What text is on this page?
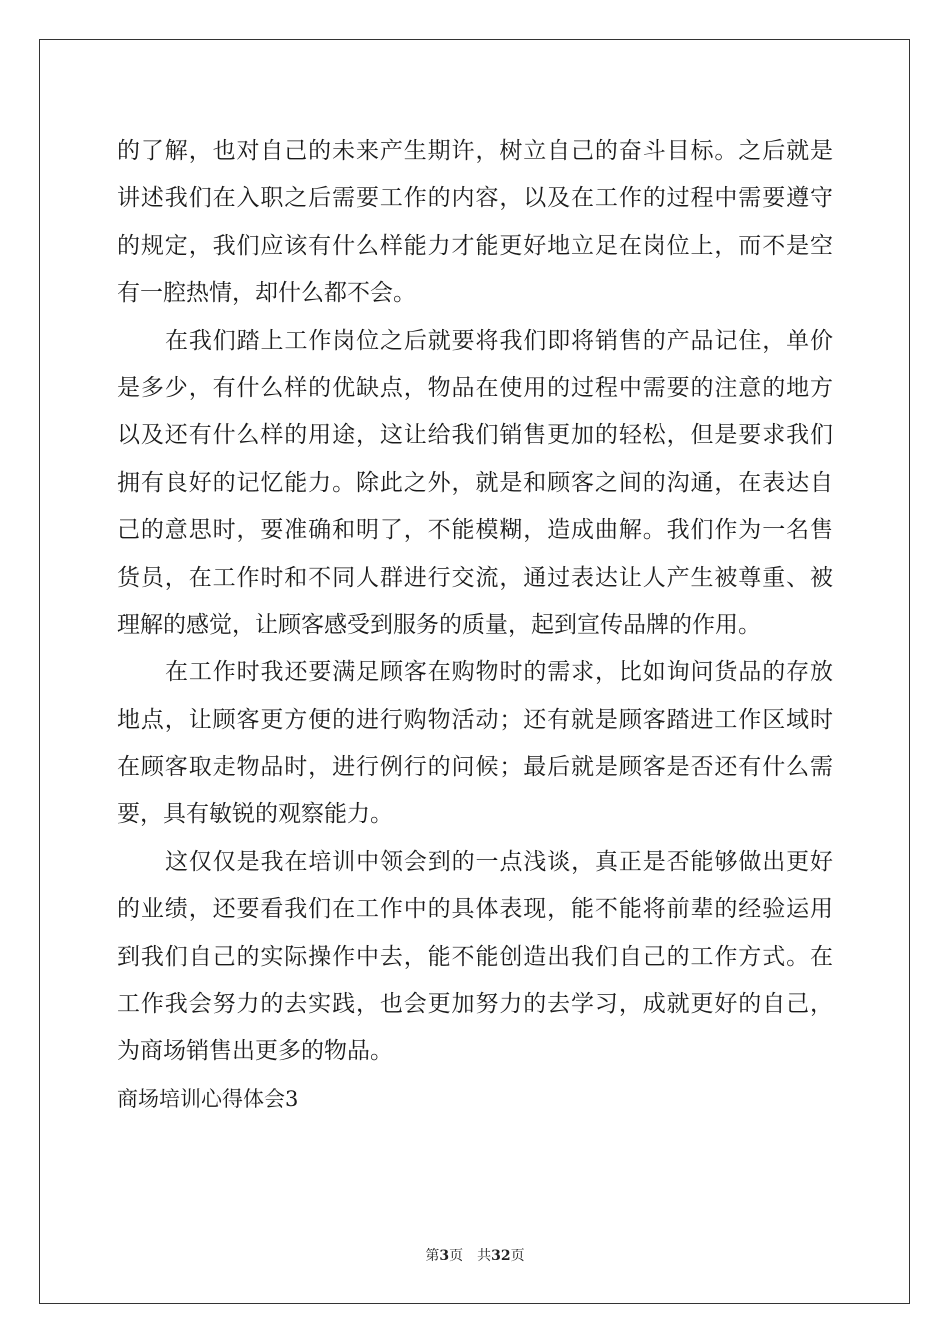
的了解，也对自己的未来产生期许，树立自己的奋斗目标。之后就是
讲述我们在入职之后需要工作的内容，以及在工作的过程中需要遵守
的规定，我们应该有什么样能力才能更好地立足在岗位上，而不是空
有一腔热情，却什么都不会。
在我们踏上工作岗位之后就要将我们即将销售的产品记住，单价
是多少，有什么样的优缺点，物品在使用的过程中需要的注意的地方
以及还有什么样的用途，这让给我们销售更加的轻松，但是要求我们
拥有良好的记忆能力。除此之外，就是和顾客之间的沟通，在表达自
己的意思时，要准确和明了，不能模糊，造成曲解。我们作为一名售
货员，在工作时和不同人群进行交流，通过表达让人产生被尊重、被
理解的感觉，让顾客感受到服务的质量，起到宣传品牌的作用。
在工作时我还要满足顾客在购物时的需求，比如询问货品的存放
地点，让顾客更方便的进行购物活动；还有就是顾客踏进工作区域时
在顾客取走物品时，进行例行的问候；最后就是顾客是否还有什么需
要，具有敏锐的观察能力。
这仅仅是我在培训中领会到的一点浅谈，真正是否能够做出更好
的业绩，还要看我们在工作中的具体表现，能不能将前辈的经验运用
到我们自己的实际操作中去，能不能创造出我们自己的工作方式。在
工作我会努力的去实践，也会更加努力的去学习，成就更好的自己，
为商场销售出更多的物品。
商场培训心得体会3
第3页 共32页
